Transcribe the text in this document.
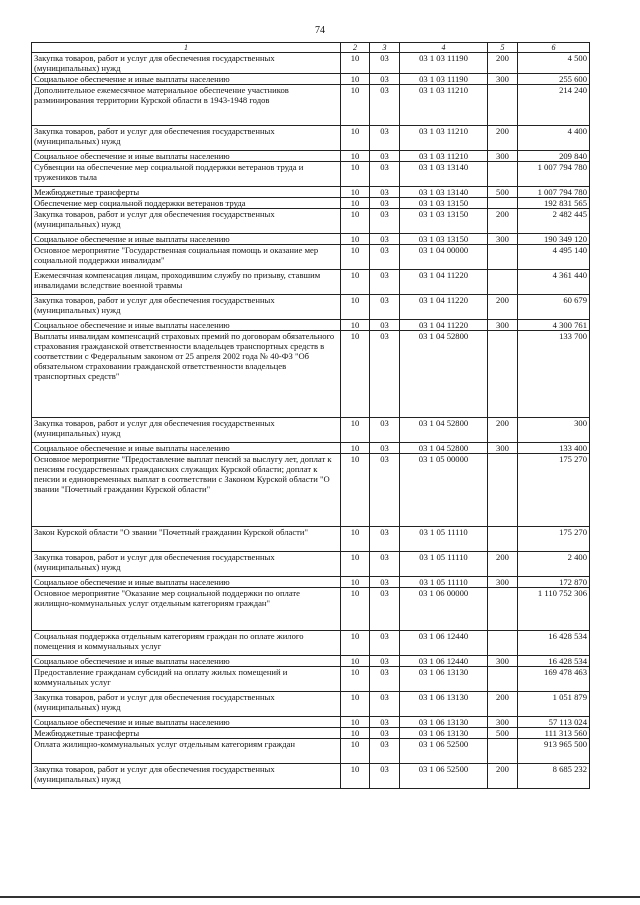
74
1	2	3	4	5	6
Закупка товаров, работ и услуг для обеспечения государственных (муниципальных) нужд	10	03	03 1 03 11190	200	4 500
Социальное обеспечение и иные выплаты населению	10	03	03 1 03 11190	300	255 600
Дополнительное ежемесячное материальное обеспечение участников разминирования территории Курской области в 1943-1948 годов	10	03	03 1 03 11210		214 240
Закупка товаров, работ и услуг для обеспечения государственных (муниципальных) нужд	10	03	03 1 03 11210	200	4 400
Социальное обеспечение и иные выплаты населению	10	03	03 1 03 11210	300	209 840
Субвенции на обеспечение мер социальной поддержки ветеранов труда и тружеников тыла	10	03	03 1 03 13140		1 007 794 780
Межбюджетные трансферты	10	03	03 1 03 13140	500	1 007 794 780
Обеспечение мер социальной поддержки ветеранов труда	10	03	03 1 03 13150		192 831 565
Закупка товаров, работ и услуг для обеспечения государственных (муниципальных) нужд	10	03	03 1 03 13150	200	2 482 445
Социальное обеспечение и иные выплаты населению	10	03	03 1 03 13150	300	190 349 120
Основное мероприятие "Государственная социальная помощь и оказание мер социальной поддержки инвалидам"	10	03	03 1 04 00000		4 495 140
Ежемесячная компенсация лицам, проходившим службу по призыву, ставшим инвалидами вследствие военной травмы	10	03	03 1 04 11220		4 361 440
Закупка товаров, работ и услуг для обеспечения государственных (муниципальных) нужд	10	03	03 1 04 11220	200	60 679
Социальное обеспечение и иные выплаты населению	10	03	03 1 04 11220	300	4 300 761
Выплаты инвалидам компенсаций страховых премий по договорам обязательного страхования гражданской ответственности владельцев транспортных средств в соответствии с Федеральным законом от 25 апреля 2002 года № 40-ФЗ "Об обязательном страховании гражданской ответственности владельцев транспортных средств"	10	03	03 1 04 52800		133 700
Закупка товаров, работ и услуг для обеспечения государственных (муниципальных) нужд	10	03	03 1 04 52800	200	300
Социальное обеспечение и иные выплаты населению	10	03	03 1 04 52800	300	133 400
Основное мероприятие "Предоставление выплат пенсий за выслугу лет, доплат к пенсиям государственных гражданских служащих Курской области; доплат к пенсии и единовременных выплат в соответствии с Законом Курской области "О звании "Почетный гражданин Курской области"	10	03	03 1 05 00000		175 270
Закон Курской области "О звании "Почетный гражданин Курской области"	10	03	03 1 05 11110		175 270
Закупка товаров, работ и услуг для обеспечения государственных (муниципальных) нужд	10	03	03 1 05 11110	200	2 400
Социальное обеспечение и иные выплаты населению	10	03	03 1 05 11110	300	172 870
Основное мероприятие "Оказание мер социальной поддержки по оплате жилищно-коммунальных услуг отдельным категориям граждан"	10	03	03 1 06 00000		1 110 752 306
Социальная поддержка отдельным категориям граждан по оплате жилого помещения и коммунальных услуг	10	03	03 1 06 12440		16 428 534
Социальное обеспечение и иные выплаты населению	10	03	03 1 06 12440	300	16 428 534
Предоставление гражданам субсидий на оплату жилых помещений и коммунальных услуг	10	03	03 1 06 13130		169 478 463
Закупка товаров, работ и услуг для обеспечения государственных (муниципальных) нужд	10	03	03 1 06 13130	200	1 051 879
Социальное обеспечение и иные выплаты населению	10	03	03 1 06 13130	300	57 113 024
Межбюджетные трансферты	10	03	03 1 06 13130	500	111 313 560
Оплата жилищно-коммунальных услуг отдельным категориям граждан	10	03	03 1 06 52500		913 965 500
Закупка товаров, работ и услуг для обеспечения государственных (муниципальных) нужд	10	03	03 1 06 52500	200	8 685 232
